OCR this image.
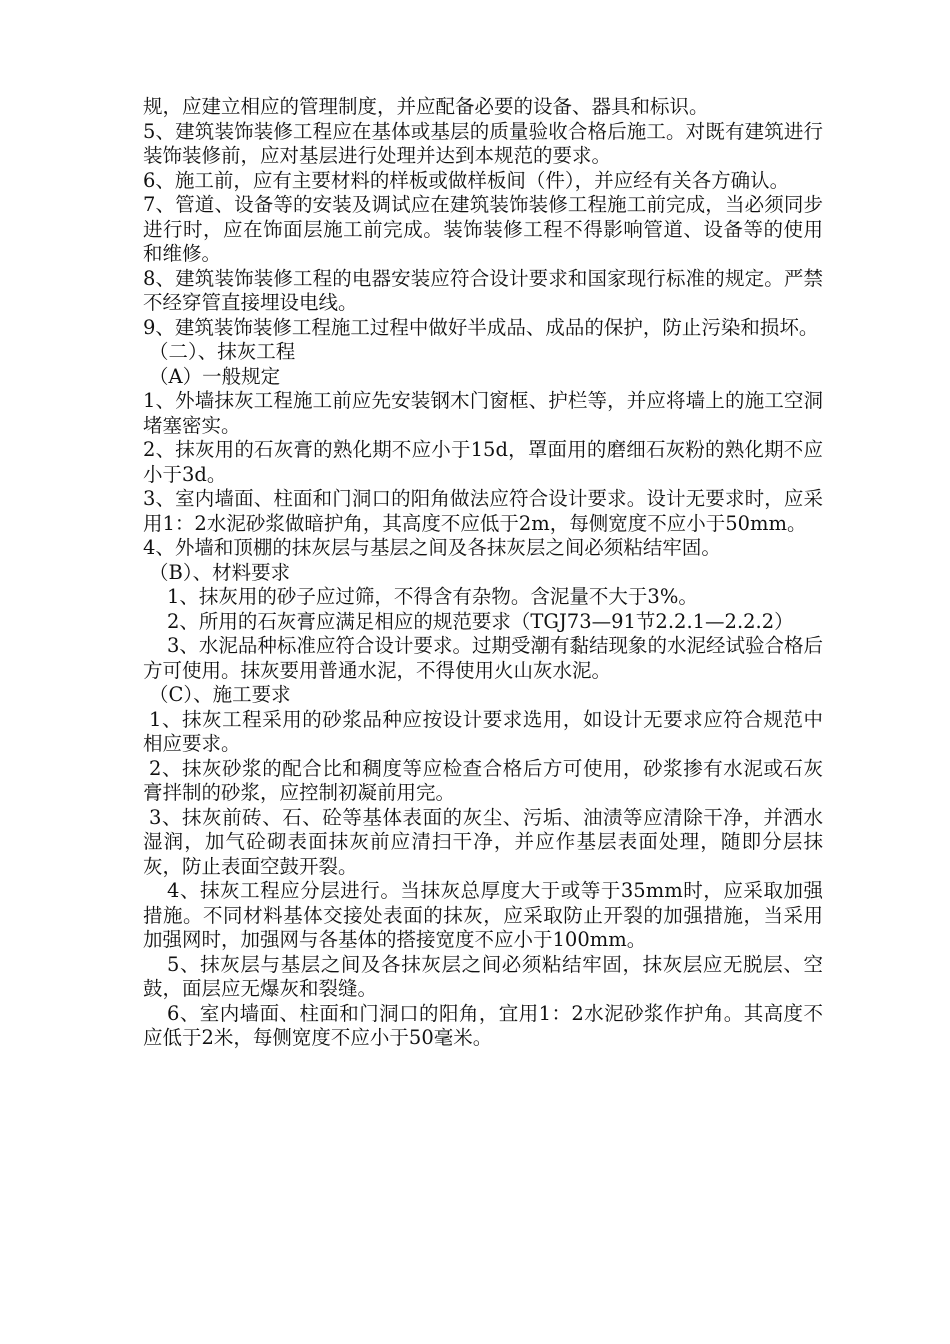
规，应建立相应的管理制度，并应配备必要的设备、器具和标识。

5、建筑装饰装修工程应在基体或基层的质量验收合格后施工。对既有建筑进行装饰装修前，应对基层进行处理并达到本规范的要求。

6、施工前，应有主要材料的样板或做样板间（件），并应经有关各方确认。

7、管道、设备等的安装及调试应在建筑装饰装修工程施工前完成，当必须同步进行时，应在饰面层施工前完成。装饰装修工程不得影响管道、设备等的使用和维修。

8、建筑装饰装修工程的电器安装应符合设计要求和国家现行标准的规定。严禁不经穿管直接埋设电线。

9、建筑装饰装修工程施工过程中做好半成品、成品的保护，防止污染和损坏。

（二）、抹灰工程

（A）一般规定

1、外墙抹灰工程施工前应先安装钢木门窗框、护栏等，并应将墙上的施工空洞堵塞密实。

2、抹灰用的石灰膏的熟化期不应小于15d，罩面用的磨细石灰粉的熟化期不应小于3d。

3、室内墙面、柱面和门洞口的阳角做法应符合设计要求。设计无要求时，应采用1：2水泥砂浆做暗护角，其高度不应低于2m，每侧宽度不应小于50mm。

4、外墙和顶棚的抹灰层与基层之间及各抹灰层之间必须粘结牢固。

（B）、材料要求

1、抹灰用的砂子应过筛，不得含有杂物。含泥量不大于3%。

2、所用的石灰膏应满足相应的规范要求（TGJ73—91节2.2.1—2.2.2）

3、水泥品种标准应符合设计要求。过期受潮有黏结现象的水泥经试验合格后方可使用。抹灰要用普通水泥，不得使用火山灰水泥。

（C）、施工要求

1、抹灰工程采用的砂浆品种应按设计要求选用，如设计无要求应符合规范中相应要求。

2、抹灰砂浆的配合比和稠度等应检查合格后方可使用，砂浆掺有水泥或石灰膏拌制的砂浆，应控制初凝前用完。

3、抹灰前砖、石、砼等基体表面的灰尘、污垢、油渍等应清除干净，并洒水湿润，加气砼砌表面抹灰前应清扫干净，并应作基层表面处理，随即分层抹灰，防止表面空鼓开裂。

4、抹灰工程应分层进行。当抹灰总厚度大于或等于35mm时，应采取加强措施。不同材料基体交接处表面的抹灰，应采取防止开裂的加强措施，当采用加强网时，加强网与各基体的搭接宽度不应小于100mm。

5、抹灰层与基层之间及各抹灰层之间必须粘结牢固，抹灰层应无脱层、空鼓，面层应无爆灰和裂缝。

6、室内墙面、柱面和门洞口的阳角，宜用1：2水泥砂浆作护角。其高度不应低于2米，每侧宽度不应小于50毫米。
